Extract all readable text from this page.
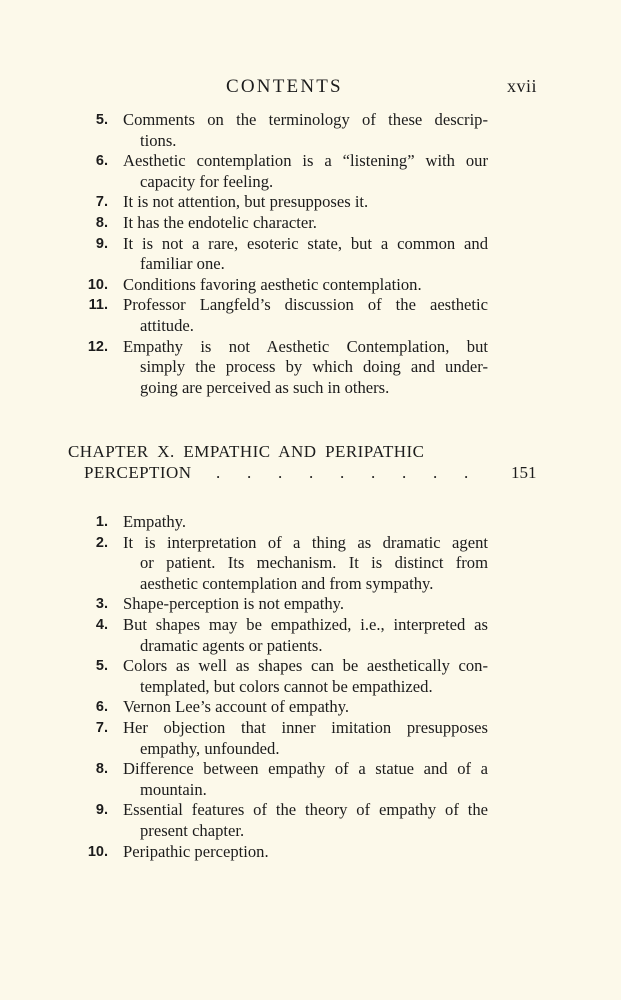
CONTENTS	xvii
5. Comments on the terminology of these descrip-
tions.
6. Aesthetic contemplation is a “listening” with our
capacity for feeling.
7. It is not attention, but presupposes it.
8. It has the endotelic character.
9. It is not a rare, esoteric state, but a common and
familiar one.
10. Conditions favoring aesthetic contemplation.
11. Professor Langfeld’s discussion of the aesthetic
attitude.
12. Empathy is not Aesthetic Contemplation, but
simply the process by which doing and under-
going are perceived as such in others.
CHAPTER X. EMPATHIC AND PERIPATHIC
PERCEPTION . . . . . . . . .	151
1. Empathy.
2. It is interpretation of a thing as dramatic agent
or patient. Its mechanism. It is distinct from
aesthetic contemplation and from sympathy.
3. Shape-perception is not empathy.
4. But shapes may be empathized, i.e., interpreted as
dramatic agents or patients.
5. Colors as well as shapes can be aesthetically con-
templated, but colors cannot be empathized.
6. Vernon Lee’s account of empathy.
7. Her objection that inner imitation presupposes
empathy, unfounded.
8. Difference between empathy of a statue and of a
mountain.
9. Essential features of the theory of empathy of the
present chapter.
10. Peripathic perception.
